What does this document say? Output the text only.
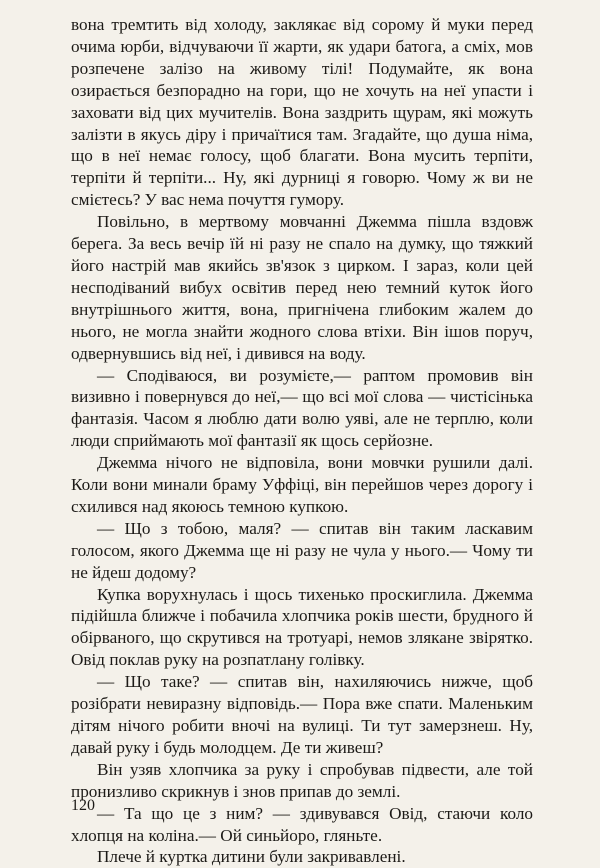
вона тремтить від холоду, заклякає від сорому й муки перед очима юрби, відчуваючи її жарти, як удари батога, а сміх, мов розпечене залізо на живому тілі! Подумайте, як вона озирається безпорадно на гори, що не хочуть на неї упасти і заховати від цих мучителів. Вона заздрить щурам, які можуть залізти в якусь діру і причаїтися там. Згадайте, що душа німа, що в неї немає голосу, щоб благати. Вона мусить терпіти, терпіти й терпіти... Ну, які дурниці я говорю. Чому ж ви не смієтесь? У вас нема почуття гумору.

Повільно, в мертвому мовчанні Джемма пішла вздовж берега. За весь вечір їй ні разу не спало на думку, що тяжкий його настрій мав якийсь зв'язок з цирком. І зараз, коли цей несподіваний вибух освітив перед нею темний куток його внутрішнього життя, вона, пригнічена глибоким жалем до нього, не могла знайти жодного слова втіхи. Він ішов поруч, одвернувшись від неї, і дивився на воду.

— Сподіваюся, ви розумієте,— раптом промовив він визивно і повернувся до неї,— що всі мої слова — чистісінька фантазія. Часом я люблю дати волю уяві, але не терплю, коли люди сприймають мої фантазії як щось серйозне.

Джемма нічого не відповіла, вони мовчки рушили далі. Коли вони минали браму Уффіці, він перейшов через дорогу і схилився над якоюсь темною купкою.

— Що з тобою, маля? — спитав він таким ласкавим голосом, якого Джемма ще ні разу не чула у нього.— Чому ти не йдеш додому?

Купка ворухнулась і щось тихенько проскиглила. Джемма підійшла ближче і побачила хлопчика років шести, брудного й обірваного, що скрутився на тротуарі, немов злякане звірятко. Овід поклав руку на розпатлану голівку.

— Що таке? — спитав він, нахиляючись нижче, щоб розібрати невиразну відповідь.— Пора вже спати. Маленьким дітям нічого робити вночі на вулиці. Ти тут замерзнеш. Ну, давай руку і будь молодцем. Де ти живеш?

Він узяв хлопчика за руку і спробував підвести, але той пронизливо скрикнув і знов припав до землі.

— Та що це з ним? — здивувався Овід, стаючи коло хлопця на коліна.— Ой синьйоро, гляньте.

Плече й куртка дитини були закривавлені.

120
